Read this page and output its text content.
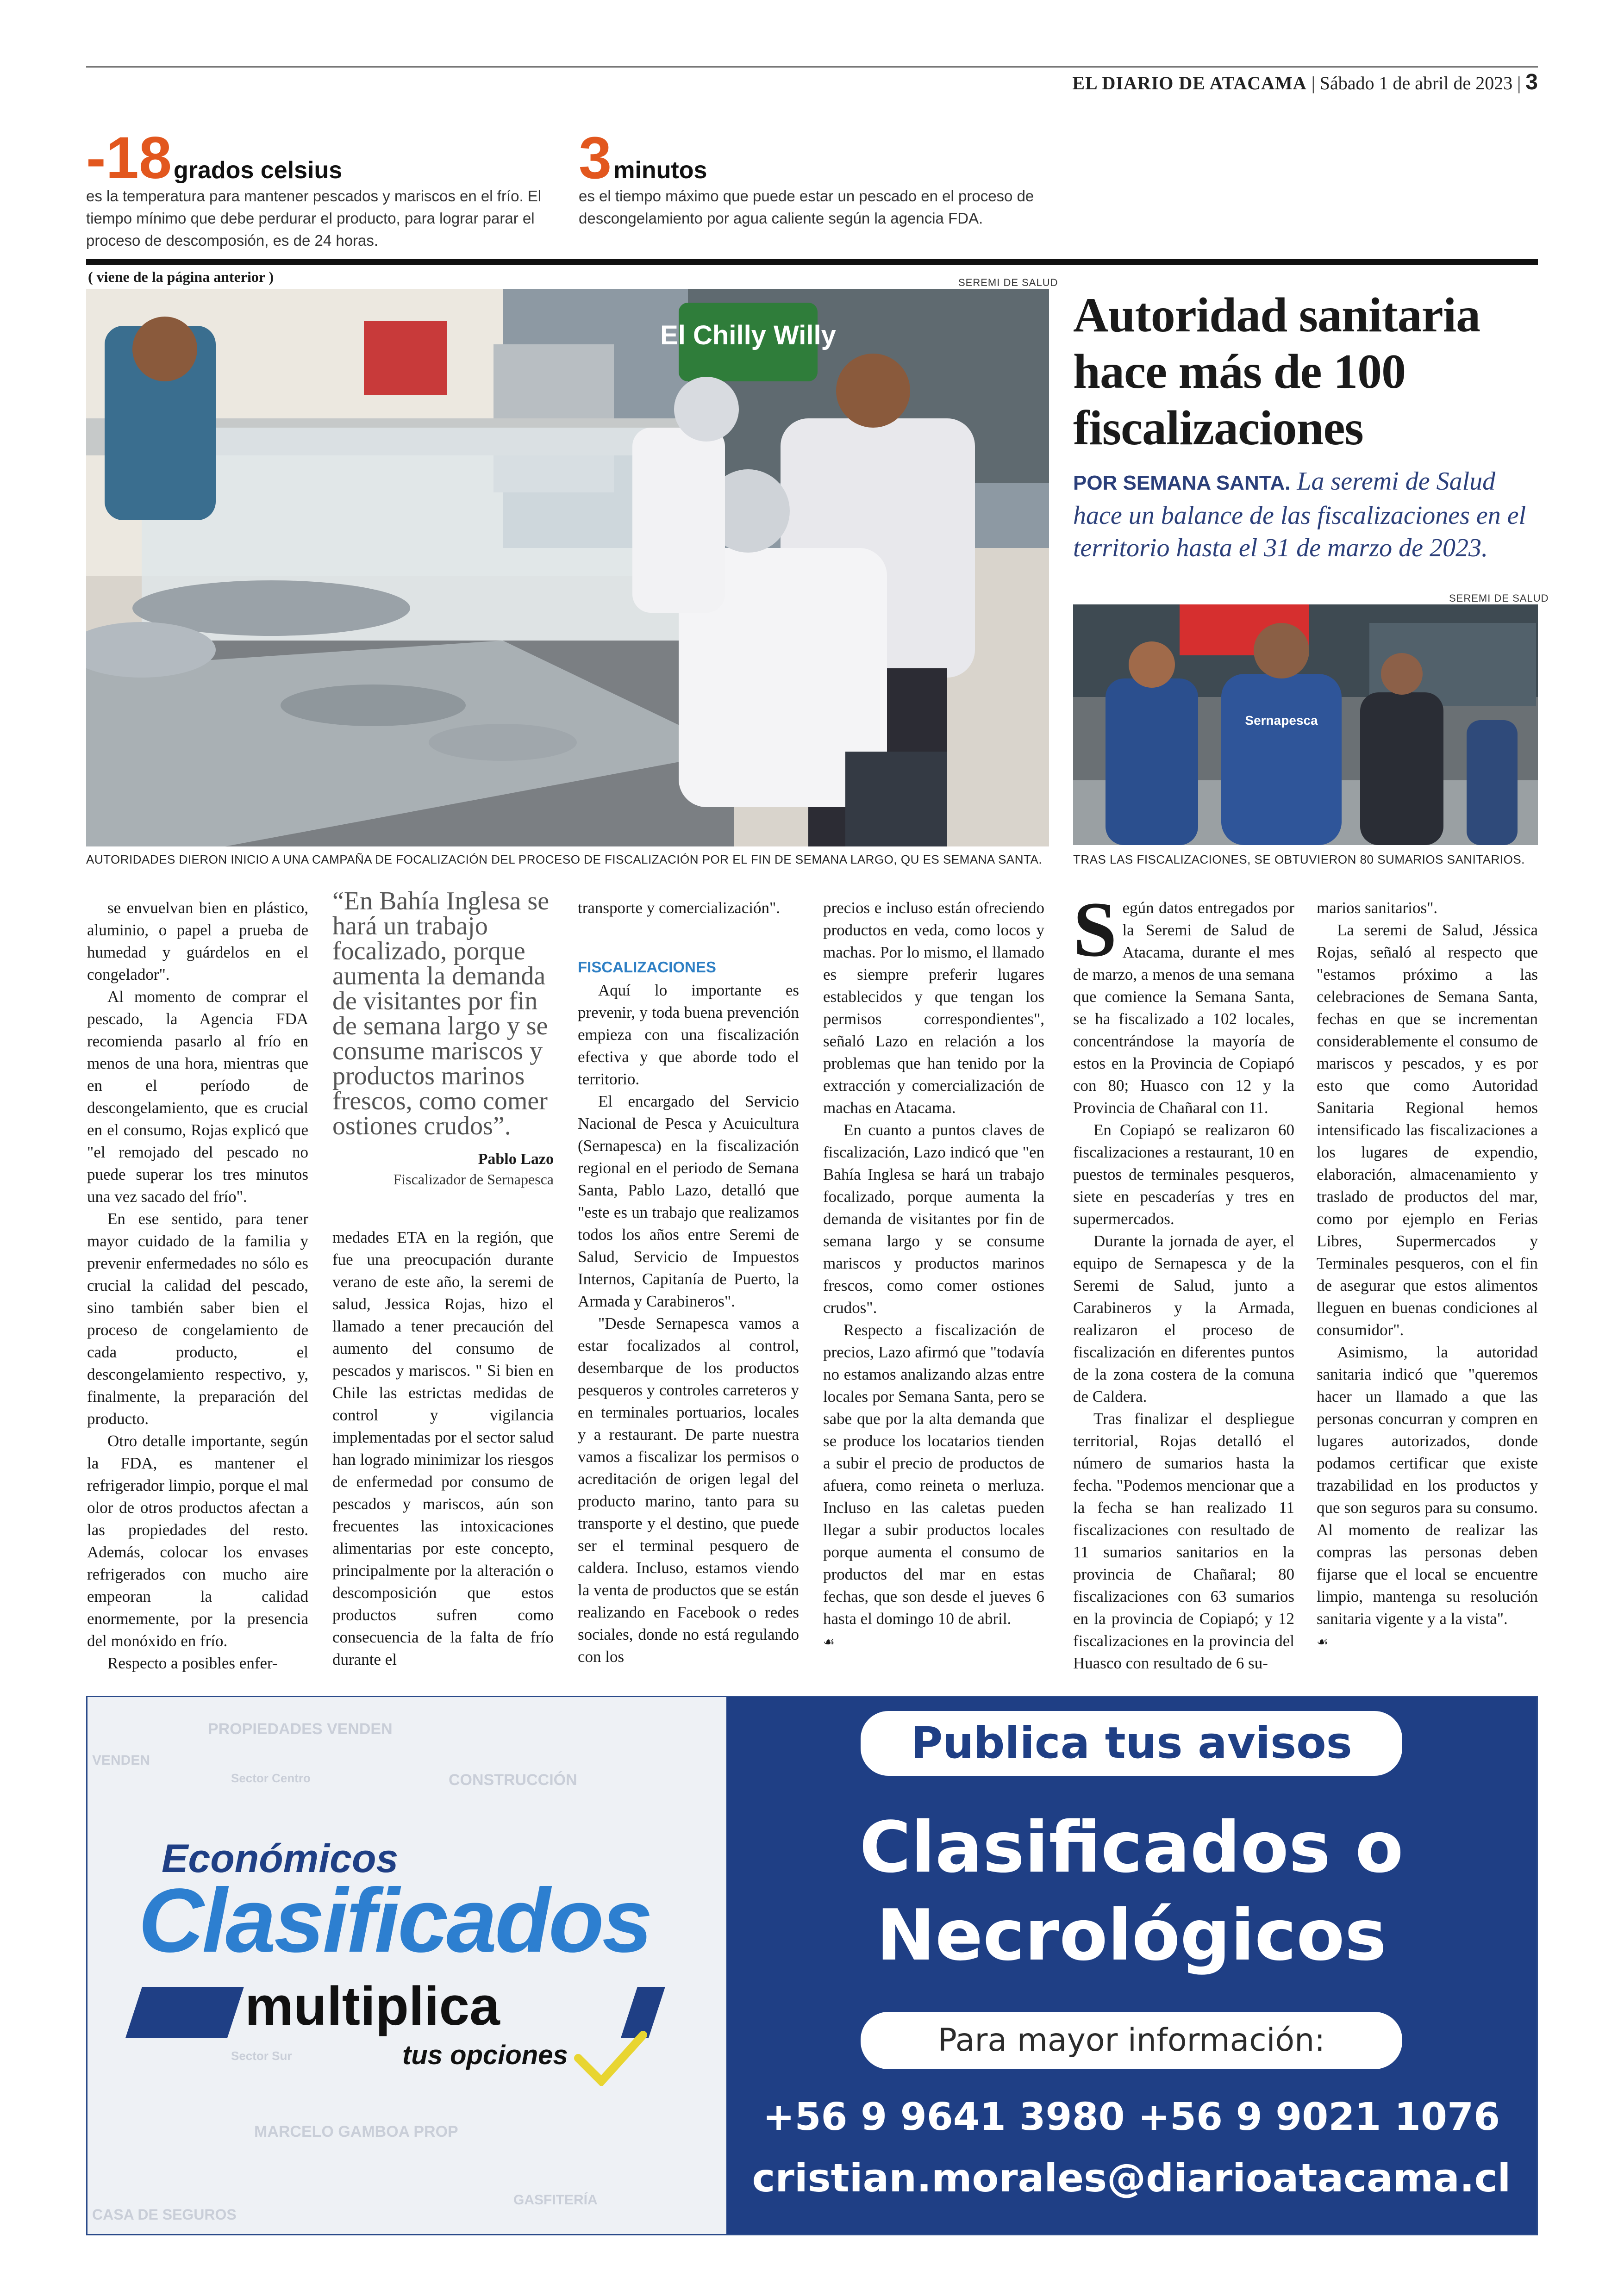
EL DIARIO DE ATACAMA | Sábado 1 de abril de 2023 | 3
-18 grados celsius
es la temperatura para mantener pescados y mariscos en el frío. El tiempo mínimo que debe perdurar el producto, para lograr parar el proceso de descomposión, es de 24 horas.
3 minutos
es el tiempo máximo que puede estar un pescado en el proceso de descongelamiento por agua caliente según la agencia FDA.
( viene de la página anterior )	SEREMI DE SALUD
El Chilly Willy
AUTORIDADES DIERON INICIO A UNA CAMPAÑA DE FOCALIZACIÓN DEL PROCESO DE FISCALIZACIÓN POR EL FIN DE SEMANA LARGO, QU ES SEMANA SANTA.
Autoridad sanitaria hace más de 100 fiscalizaciones
POR SEMANA SANTA. La seremi de Salud hace un balance de las fiscalizaciones en el territorio hasta el 31 de marzo de 2023.
SEREMI DE SALUD
Sernapesca
TRAS LAS FISCALIZACIONES, SE OBTUVIERON 80 SUMARIOS SANITARIOS.

se envuelvan bien en plástico, aluminio, o papel a prueba de humedad y guárdelos en el congelador".

Al momento de comprar el pescado, la Agencia FDA recomienda pasarlo al frío en menos de una hora, mientras que en el período de descongelamiento, que es crucial en el consumo, Rojas explicó que "el remojado del pescado no puede superar los tres minutos una vez sacado del frío".

En ese sentido, para tener mayor cuidado de la familia y prevenir enfermedades no sólo es crucial la calidad del pescado, sino también saber bien el proceso de congelamiento de cada producto, el descongelamiento respectivo, y, finalmente, la preparación del producto.

Otro detalle importante, según la FDA, es mantener el refrigerador limpio, porque el mal olor de otros productos afectan a las propiedades del resto. Además, colocar los envases refrigerados con mucho aire empeoran la calidad enormemente, por la presencia del monóxido en frío.

Respecto a posibles enfer-

“En Bahía Inglesa se hará un trabajo focalizado, porque aumenta la demanda de visitantes por fin de semana largo y se consume mariscos y productos marinos frescos, como comer ostiones crudos”.
Pablo Lazo
Fiscalizador de Sernapesca

medades ETA en la región, que fue una preocupación durante verano de este año, la seremi de salud, Jessica Rojas, hizo el llamado a tener precaución del aumento del consumo de pescados y mariscos. " Si bien en Chile las estrictas medidas de control y vigilancia implementadas por el sector salud han logrado minimizar los riesgos de enfermedad por consumo de pescados y mariscos, aún son frecuentes las intoxicaciones alimentarias por este concepto, principalmente por la alteración o descomposición que estos productos sufren como consecuencia de la falta de frío durante el

transporte y comercialización".

FISCALIZACIONES

Aquí lo importante es prevenir, y toda buena prevención empieza con una fiscalización efectiva y que aborde todo el territorio.

El encargado del Servicio Nacional de Pesca y Acuicultura (Sernapesca) en la fiscalización regional en el periodo de Semana Santa, Pablo Lazo, detalló que "este es un trabajo que realizamos todos los años entre Seremi de Salud, Servicio de Impuestos Internos, Capitanía de Puerto, la Armada y Carabineros".

"Desde Sernapesca vamos a estar focalizados al control, desembarque de los productos pesqueros y controles carreteros y en terminales portuarios, locales y a restaurant. De parte nuestra vamos a fiscalizar los permisos o acreditación de origen legal del producto marino, tanto para su transporte y el destino, que puede ser el terminal pesquero de caldera. Incluso, estamos viendo la venta de productos que se están realizando en Facebook o redes sociales, donde no está regulando con los

precios e incluso están ofreciendo productos en veda, como locos y machas. Por lo mismo, el llamado es siempre preferir lugares establecidos y que tengan los permisos correspondientes", señaló Lazo en relación a los problemas que han tenido por la extracción y comercialización de machas en Atacama.

En cuanto a puntos claves de fiscalización, Lazo indicó que "en Bahía Inglesa se hará un trabajo focalizado, porque aumenta la demanda de visitantes por fin de semana largo y se consume mariscos y productos marinos frescos, como comer ostiones crudos".

Respecto a fiscalización de precios, Lazo afirmó que "todavía no estamos analizando alzas entre locales por Semana Santa, pero se sabe que por la alta demanda que se produce los locatarios tienden a subir el precio de productos de afuera, como reineta o merluza. Incluso en las caletas pueden llegar a subir productos locales porque aumenta el consumo de productos del mar en estas fechas, que son desde el jueves 6 hasta el domingo 10 de abril.

☙

Según datos entregados por la Seremi de Salud de Atacama, durante el mes de marzo, a menos de una semana que comience la Semana Santa, se ha fiscalizado a 102 locales, concentrándose la mayoría de estos en la Provincia de Copiapó con 80; Huasco con 12 y la Provincia de Chañaral con 11.

En Copiapó se realizaron 60 fiscalizaciones a restaurant, 10 en puestos de terminales pesqueros, siete en pescaderías y tres en supermercados.

Durante la jornada de ayer, el equipo de Sernapesca y de la Seremi de Salud, junto a Carabineros y la Armada, realizaron el proceso de fiscalización en diferentes puntos de la zona costera de la comuna de Caldera.

Tras finalizar el despliegue territorial, Rojas detalló el número de sumarios hasta la fecha. "Podemos mencionar que a la fecha se han realizado 11 fiscalizaciones con resultado de 11 sumarios sanitarios en la provincia de Chañaral; 80 fiscalizaciones con 63 sumarios en la provincia de Copiapó; y 12 fiscalizaciones en la provincia del Huasco con resultado de 6 su-

marios sanitarios".

La seremi de Salud, Jéssica Rojas, señaló al respecto que "estamos próximo a las celebraciones de Semana Santa, fechas en que se incrementan considerablemente el consumo de mariscos y pescados, y es por esto que como Autoridad Sanitaria Regional hemos intensificado las fiscalizaciones a los lugares de expendio, elaboración, almacenamiento y traslado de productos del mar, como por ejemplo en Ferias Libres, Supermercados y Terminales pesqueros, con el fin de asegurar que estos alimentos lleguen en buenas condiciones al consumidor".

Asimismo, la autoridad sanitaria indicó que "queremos hacer un llamado a que las personas concurran y compren en lugares autorizados, donde podamos certificar que existe trazabilidad en los productos y que son seguros para su consumo. Al momento de realizar las compras las personas deben fijarse que el local se encuentre limpio, mantenga su resolución sanitaria vigente y a la vista".

☙
PROPIEDADES VENDEN
CONSTRUCCIÓN
MARCELO GAMBOA PROP
GASFITERÍA
CASA DE SEGUROS
Sector Centro
Sector Sur
VENDEN
Económicos
Clasificados
multiplica
tus opciones
Publica tus avisos
Clasificados o
Necrológicos
Para mayor información:
+56 9 9641 3980 +56 9 9021 1076
cristian.morales@diarioatacama.cl
